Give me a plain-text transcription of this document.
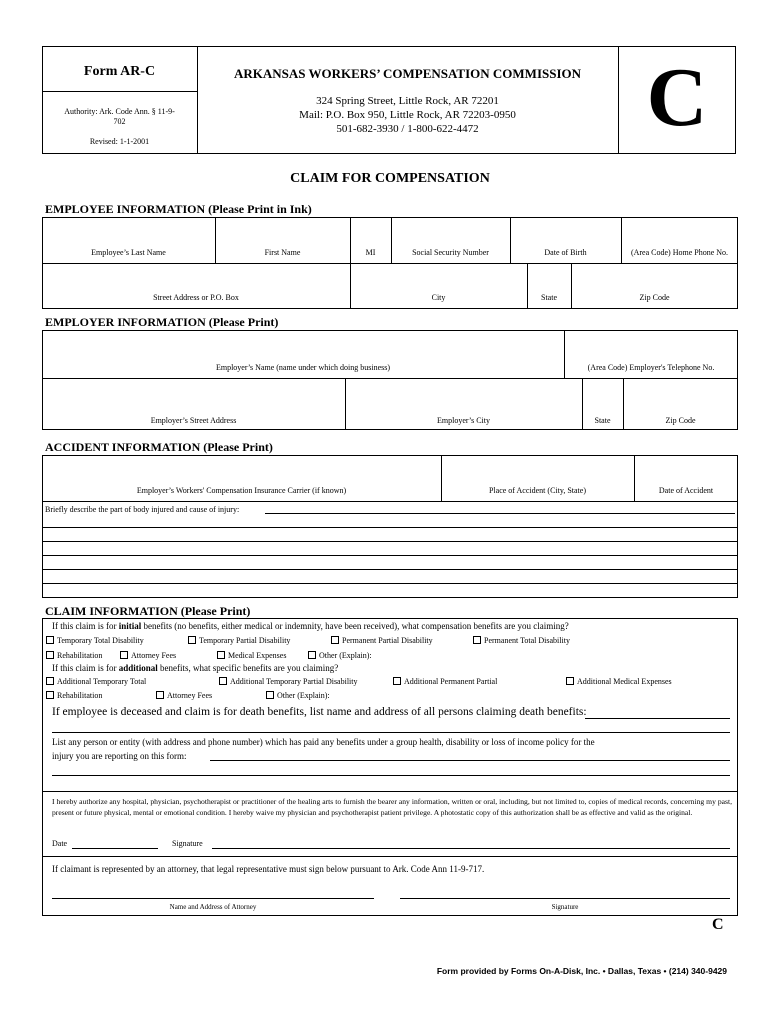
Form AR-C
Authority: Ark. Code Ann. § 11-9-702
Revised: 1-1-2001
ARKANSAS WORKERS’ COMPENSATION COMMISSION
324 Spring Street, Little Rock, AR 72201
Mail: P.O. Box 950, Little Rock, AR 72203-0950
501-682-3930 / 1-800-622-4472	C
CLAIM FOR COMPENSATION
EMPLOYEE INFORMATION (Please Print in Ink)
Employee’s Last Name	First Name	MI	Social Security Number	Date of Birth	(Area Code) Home Phone No.
Street Address or P.O. Box	City	State	Zip Code
EMPLOYER INFORMATION (Please Print)
Employer’s Name (name under which doing business)	(Area Code) Employer's Telephone No.
Employer’s Street Address	Employer’s City	State	Zip Code
ACCIDENT INFORMATION (Please Print)
Employer’s Workers' Compensation Insurance Carrier (if known)	Place of Accident (City, State)	Date of Accident
Briefly describe the part of body injured and cause of injury:
CLAIM INFORMATION (Please Print)
If this claim is for initial benefits (no benefits, either medical or indemnity, have been received), what compensation benefits are you claiming?
Temporary Total Disability	Temporary Partial Disability	Permanent Partial Disability	Permanent Total Disability
Rehabilitation	Attorney Fees	Medical Expenses	Other (Explain):
If this claim is for additional benefits, what specific benefits are you claiming?
Additional Temporary Total	Additional Temporary Partial Disability	Additional Permanent Partial	Additional Medical Expenses
Rehabilitation	Attorney Fees	Other (Explain):
If employee is deceased and claim is for death benefits, list name and address of all persons claiming death benefits:
List any person or entity (with address and phone number) which has paid any benefits under a group health, disability or loss of income policy for the
injury you are reporting on this form:
I hereby authorize any hospital, physician, psychotherapist or practitioner of the healing arts to furnish the bearer any information, written or oral, including, but not limited to, copies of medical records, concerning my past, present or future physical, mental or emotional condition. I hereby waive my physician and psychotherapist patient privilege. A photostatic copy of this authorization shall be as effective and valid as the original.
Date	Signature
If claimant is represented by an attorney, that legal representative must sign below pursuant to Ark. Code Ann 11-9-717.
Name and Address of Attorney	Signature
C
Form provided by Forms On-A-Disk, Inc. • Dallas, Texas • (214) 340-9429
